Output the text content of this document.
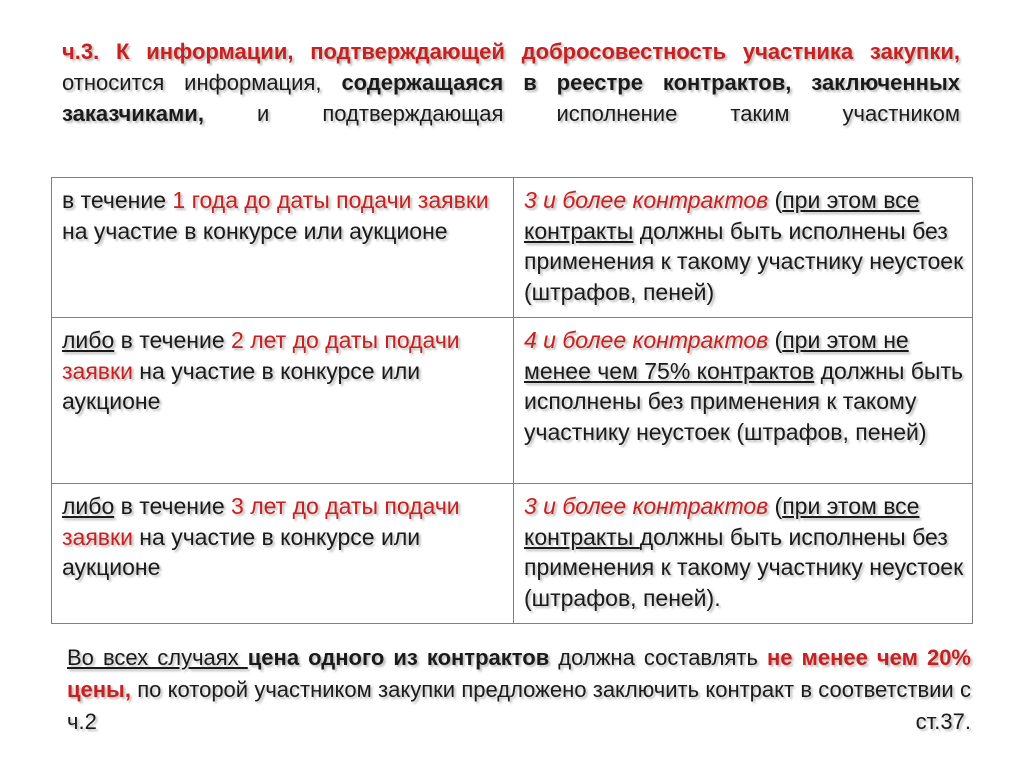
ч.3. К информации, подтверждающей добросовестность участника закупки, относится информация, содержащаяся в реестре контрактов, заключенных заказчиками, и подтверждающая исполнение таким участником
в течение 1 года до даты подачи заявки на участие в конкурсе или аукционе	3 и более контрактов (при этом все контракты должны быть исполнены без применения к такому участнику неустоек (штрафов, пеней)
либо в течение 2 лет до даты подачи заявки на участие в конкурсе или аукционе	4 и более контрактов (при этом не менее чем 75% контрактов должны быть исполнены без применения к такому участнику неустоек (штрафов, пеней)
либо в течение 3 лет до даты подачи заявки на участие в конкурсе или аукционе	3 и более контрактов (при этом все контракты должны быть исполнены без применения к такому участнику неустоек (штрафов, пеней).
Во всех случаях цена одного из контрактов должна составлять не менее чем 20% цены, по которой участником закупки предложено заключить контракт в соответствии с ч.2 ст.37.
